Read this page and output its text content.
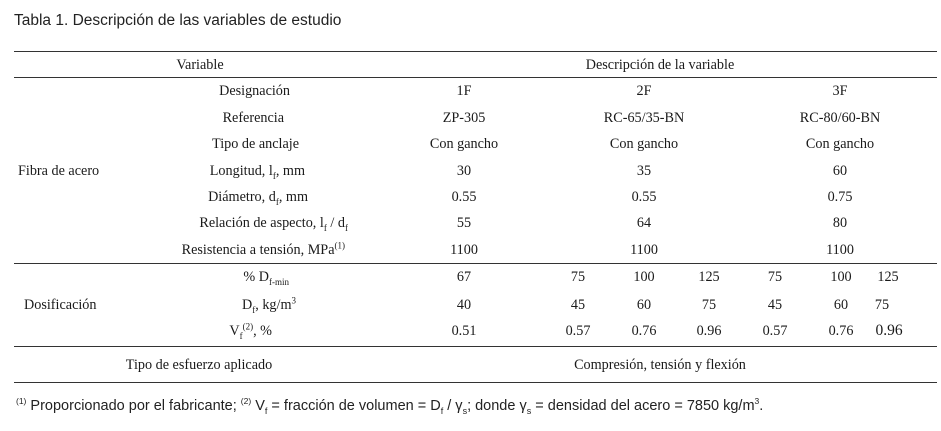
Tabla 1. Descripción de las variables de estudio
Variable	Descripción de la variable
Fibra de acero
Designación	1F	2F	3F
Referencia	ZP-305	RC-65/35-BN	RC-80/60-BN
Tipo de anclaje	Con gancho	Con gancho	Con gancho
Longitud, $l_f$, mm	30	35	60
Diámetro, $d_f$, mm	0.55	0.55	0.75
Relación de aspecto, $l_f / d_f$	55	64	80
Resistencia a tensión, MPa$^{(1)}$	1100	1100	1100
Dosificación
% $D_{f-min}$	67	75	100	125	75	100 125
$D_f$, $kg/m^3$	40	45	60	75	45	60 75
$V_f^{(2)}$, %	0.51	0.57	0.76	0.96	0.57	0.76 0.96
Tipo de esfuerzo aplicado	Compresión, tensión y flexión
$^{(1)}$ Proporcionado por el fabricante; $^{(2)}$ $V_f$ = fracción de volumen = $D_f / \gamma_s$; donde $\gamma_s$ = densidad del acero = 7850 $kg/m^3$.
